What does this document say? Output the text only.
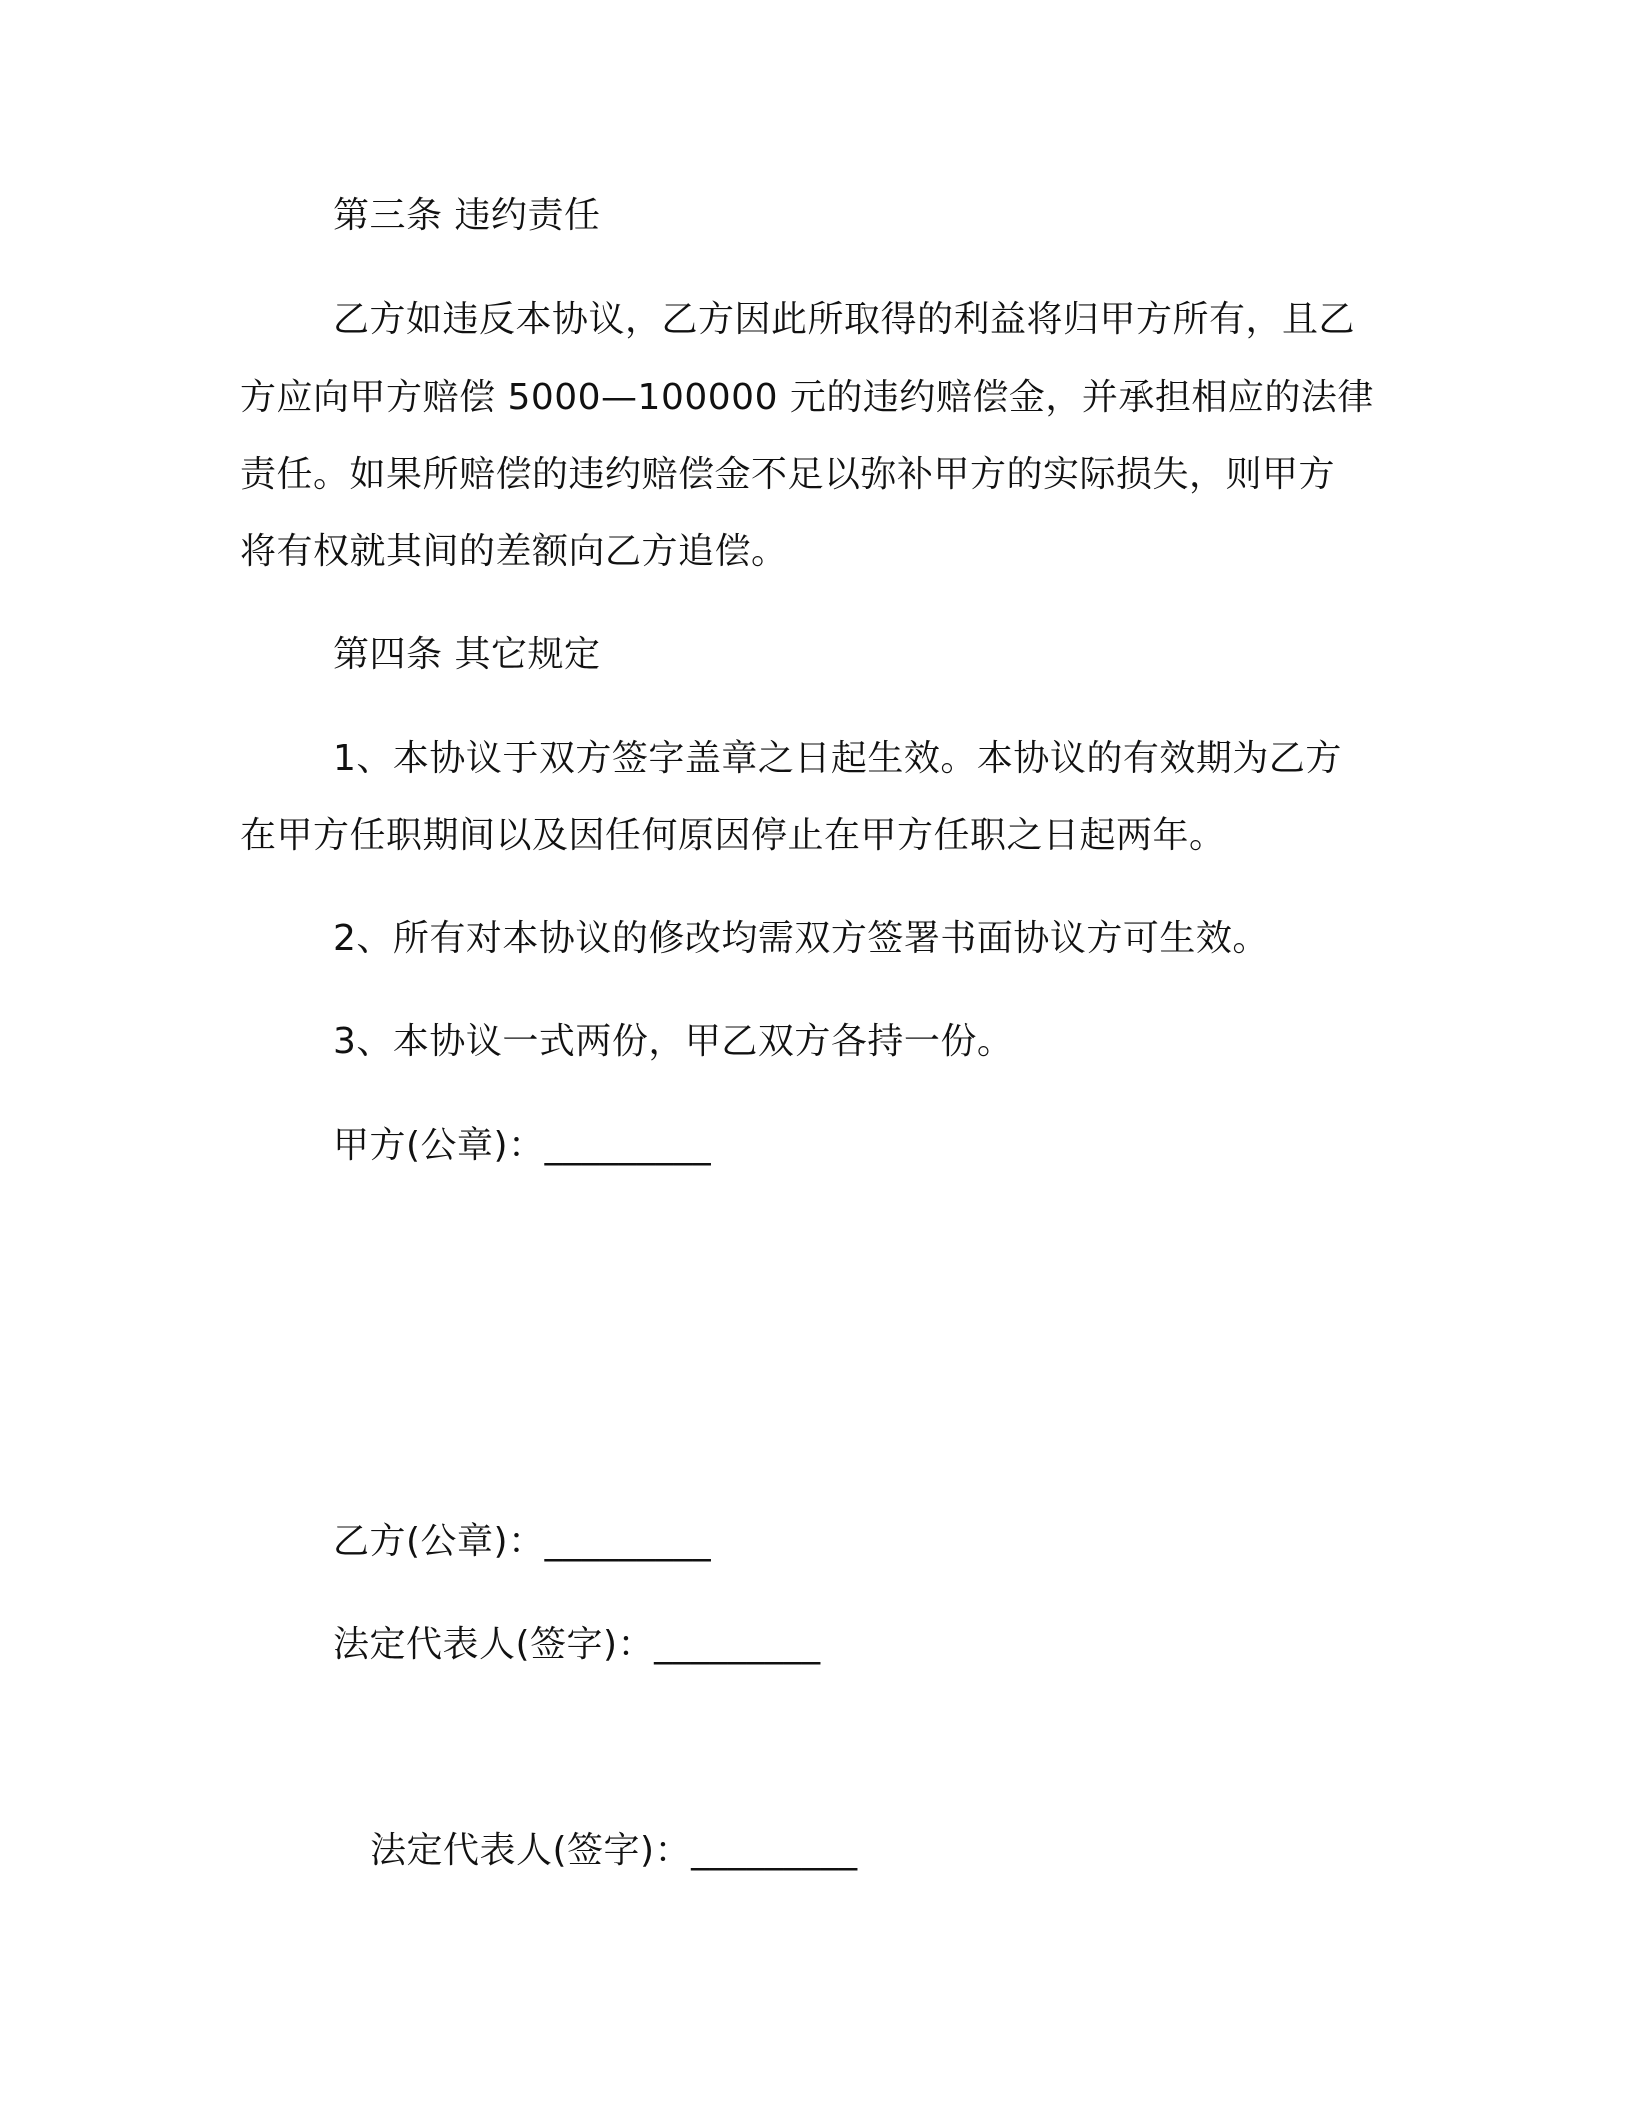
第三条 违约责任
乙方如违反本协议，乙方因此所取得的利益将归甲方所有，且乙
方应向甲方赔偿 5000—100000 元的违约赔偿金，并承担相应的法律
责任。如果所赔偿的违约赔偿金不足以弥补甲方的实际损失，则甲方
将有权就其间的差额向乙方追偿。
第四条 其它规定
1、本协议于双方签字盖章之日起生效。本协议的有效期为乙方
在甲方任职期间以及因任何原因停止在甲方任职之日起两年。
2、所有对本协议的修改均需双方签署书面协议方可生效。
3、本协议一式两份，甲乙双方各持一份。
甲方(公章)：_________
乙方(公章)：_________
法定代表人(签字)：_________
法定代表人(签字)：_________
